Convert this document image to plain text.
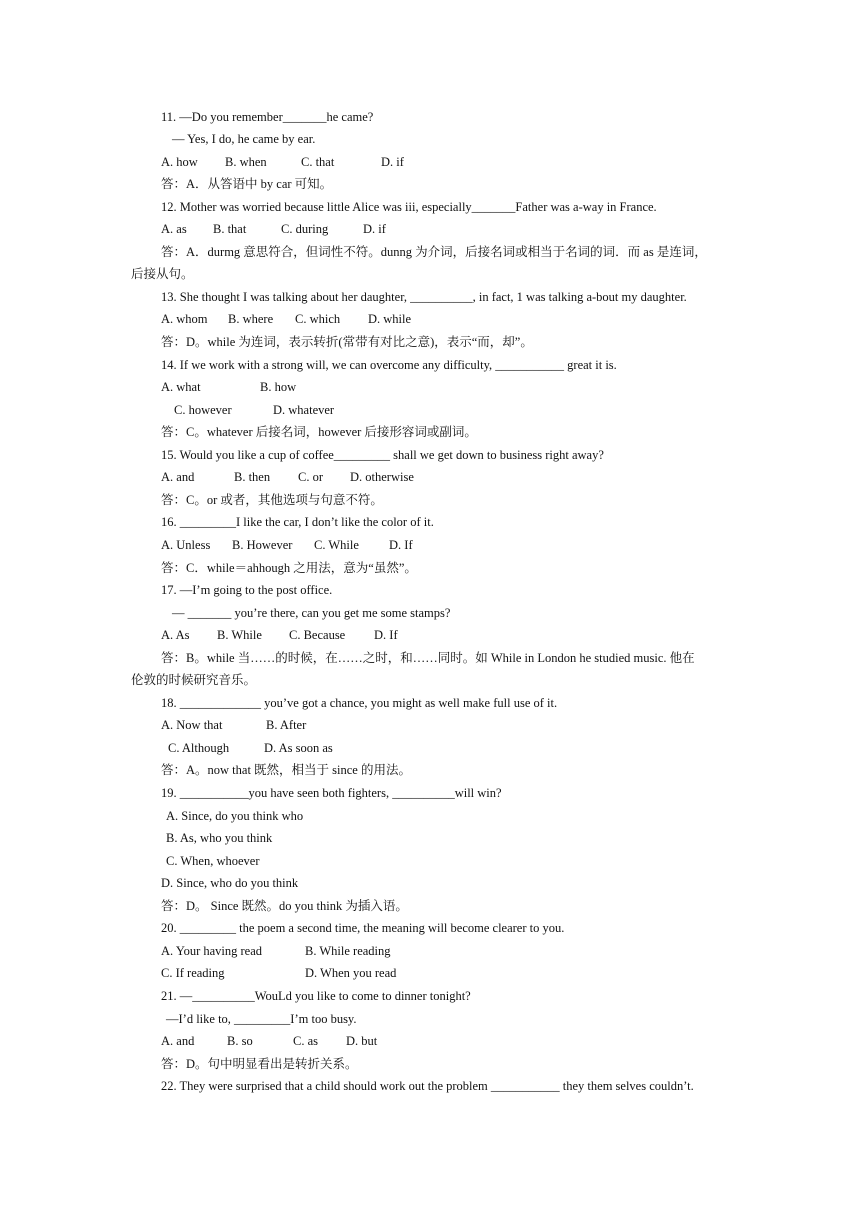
11. —Do you remember_______he came?
— Yes, I do, he came by ear.
A. how B. when	C. that	D. if
答：A．从答语中 by car 可知。
12. Mother was worried because little Alice was iii, especially_______Father was a-way in France.
A. as B. that	C. during	D. if
答：A．durmg 意思符合，但词性不符。dunng 为介词，后接名词或相当于名词的词．而 as 是连词，
后接从句。
13. She thought I was talking about her daughter, __________, in fact, 1 was talking a-bout my daughter.
A. whom B. where C. which D. while
答：D。while 为连词，表示转折(常带有对比之意)，表示“而，却”。
14. If we work with a strong will, we can overcome any difficulty, ___________ great it is.
A. what	B. how
C. however	D. whatever
答：C。whatever 后接名词，however 后接形容词或副词。
15. Would you like a cup of coffee_________ shall we get down to business right away?
A. and	B. then C. or D. otherwise
答：C。or 或者，其他选项与句意不符。
16. _________I like the car, I don’t like the color of it.
A. Unless B. However C. While D. If
答：C．while＝ahhough 之用法，意为“虽然”。
17. —I’m going to the post office.
— _______ you’re there, can you get me some stamps?
A. As B. While C. Because D. If
答：B。while 当……的时候，在……之时，和……同时。如 While in London he studied music. 他在
伦敦的时候研究音乐。
18. _____________ you’ve got a chance, you might as well make full use of it.
A. Now that	B. After
C. Although	D. As soon as
答：A。now that 既然，相当于 since 的用法。
19. ___________you have seen both fighters, __________will win?
A. Since, do you think who
B. As, who you think
C. When, whoever
D. Since, who do you think
答：D。 Since 既然。do you think 为插入语。
20. _________ the poem a second time, the meaning will become clearer to you.
A. Your having read	B. While reading
C. If reading	D. When you read
21. —__________WouLd you like to come to dinner tonight?
—I’d like to, _________I’m too busy.
A. and	B. so	C. as D. but
答：D。句中明显看出是转折关系。
22. They were surprised that a child should work out the problem ___________ they them selves couldn’t.
